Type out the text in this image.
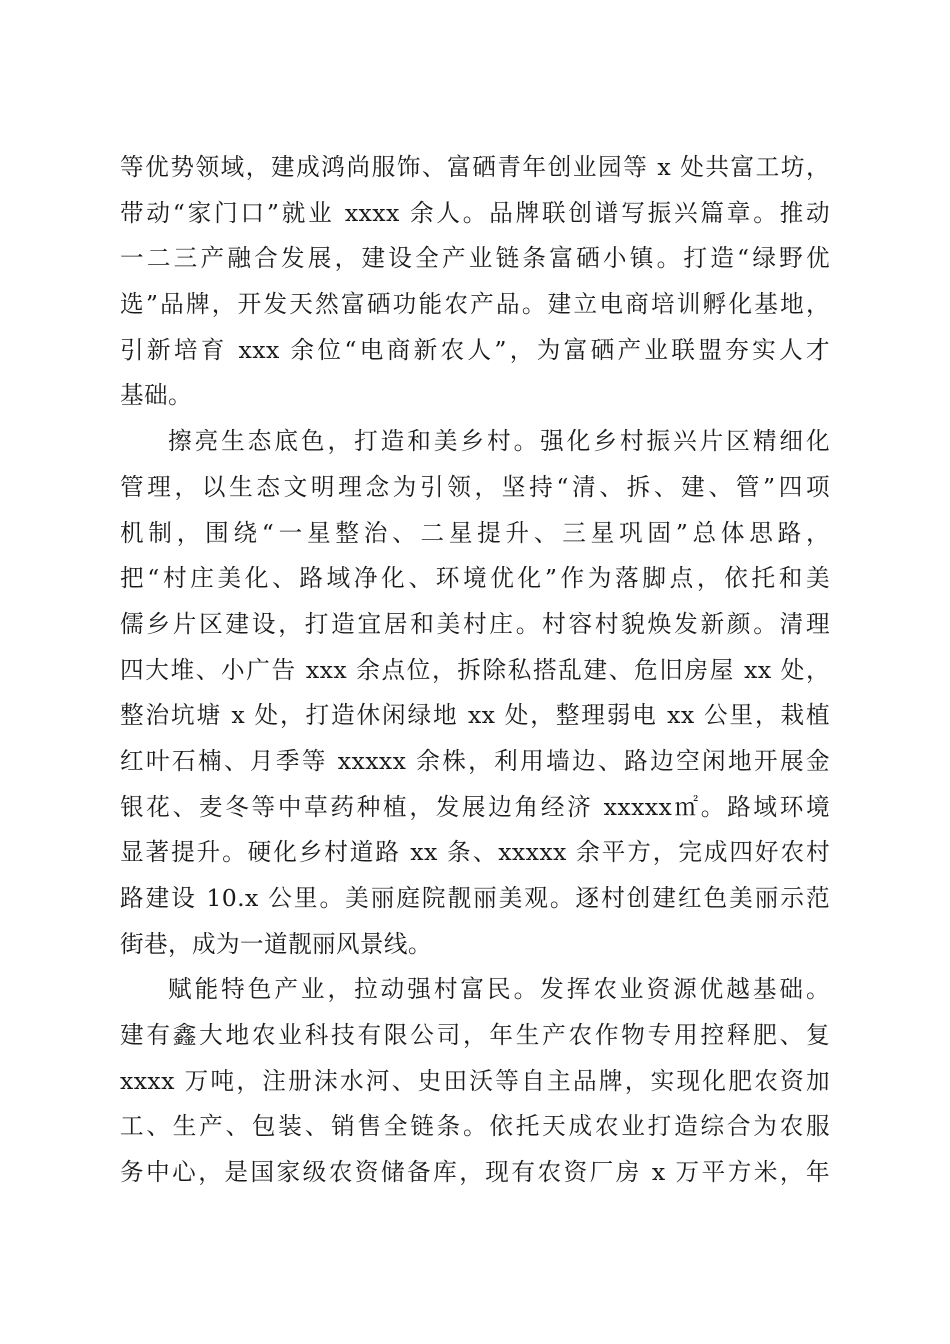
等优势领域，建成鸿尚服饰、富硒青年创业园等 x 处共富工坊，
带动“家门口”就业 xxxx 余人。品牌联创谱写振兴篇章。推动
一二三产融合发展，建设全产业链条富硒小镇。打造“绿野优
选”品牌，开发天然富硒功能农产品。建立电商培训孵化基地，
引新培育 xxx 余位“电商新农人”，为富硒产业联盟夯实人才
基础。
擦亮生态底色，打造和美乡村。强化乡村振兴片区精细化
管理，以生态文明理念为引领，坚持“清、拆、建、管”四项
机制，围绕“一星整治、二星提升、三星巩固”总体思路，
把“村庄美化、路域净化、环境优化”作为落脚点，依托和美
儒乡片区建设，打造宜居和美村庄。村容村貌焕发新颜。清理
四大堆、小广告 xxx 余点位，拆除私搭乱建、危旧房屋 xx 处，
整治坑塘 x 处，打造休闲绿地 xx 处，整理弱电 xx 公里，栽植
红叶石楠、月季等 xxxxx 余株，利用墙边、路边空闲地开展金
银花、麦冬等中草药种植，发展边角经济 xxxxx㎡。路域环境
显著提升。硬化乡村道路 xx 条、xxxxx 余平方，完成四好农村
路建设 10.x 公里。美丽庭院靓丽美观。逐村创建红色美丽示范
街巷，成为一道靓丽风景线。
赋能特色产业，拉动强村富民。发挥农业资源优越基础。
建有鑫大地农业科技有限公司，年生产农作物专用控释肥、复
xxxx 万吨，注册沫水河、史田沃等自主品牌，实现化肥农资加
工、生产、包装、销售全链条。依托天成农业打造综合为农服
务中心，是国家级农资储备库，现有农资厂房 x 万平方米，年
